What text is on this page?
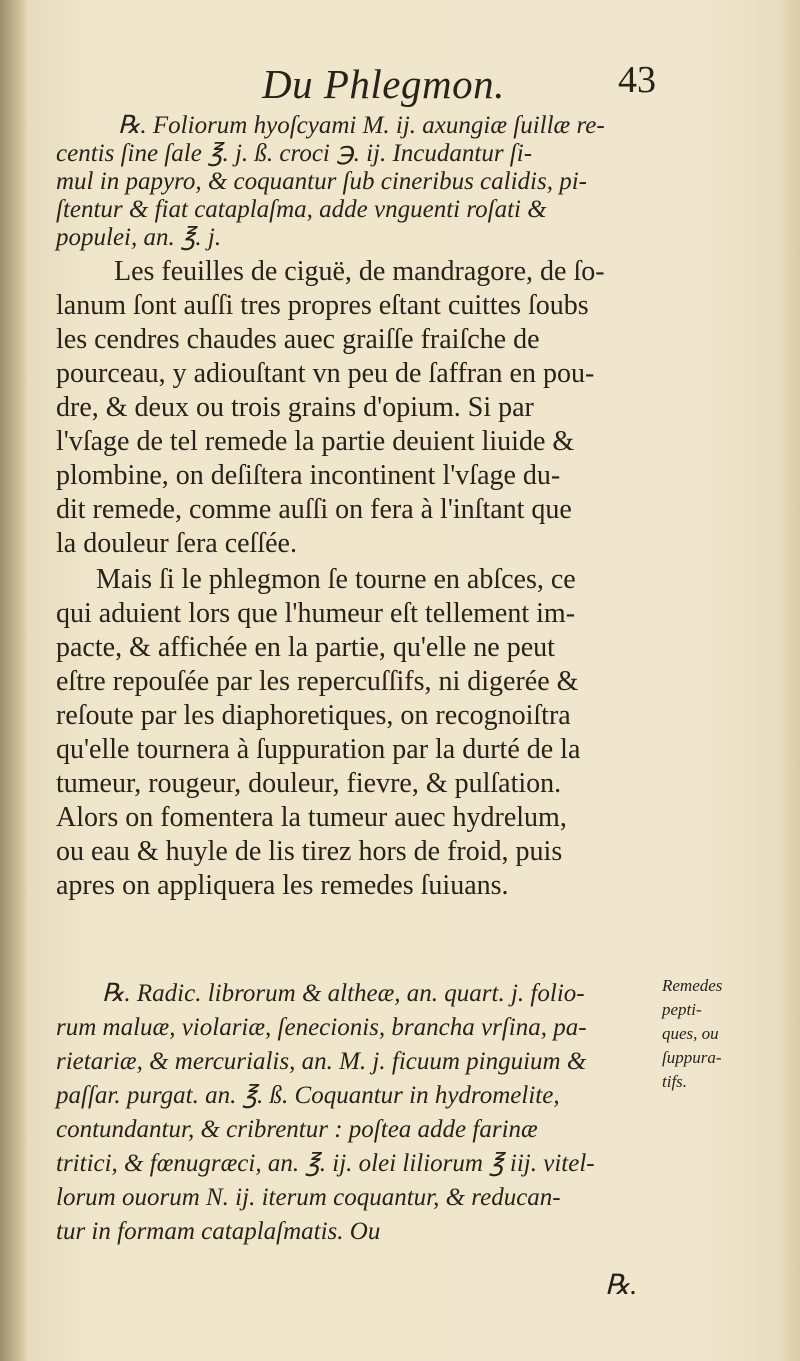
Du Phlegmon.	43
℞. Foliorum hyoſcyami M. ij. axungiæ ſuillæ re-
centis ſine ſale ℥. j. ß. croci ℈. ij. Incudantur ſi-
mul in papyro, & coquantur ſub cineribus calidis, pi-
ſtentur & fiat cataplaſma, adde vnguenti roſati &
populei, an. ℥. j.
Les feuilles de ciguë, de mandragore, de ſo-
lanum ſont auſſi tres propres eſtant cuittes ſoubs
les cendres chaudes auec graiſſe fraiſche de
pourceau, y adiouſtant vn peu de ſaffran en pou-
dre, & deux ou trois grains d'opium. Si par
l'vſage de tel remede la partie deuient liuide &
plombine, on deſiſtera incontinent l'vſage du-
dit remede, comme auſſi on fera à l'inſtant que
la douleur ſera ceſſée.
Mais ſi le phlegmon ſe tourne en abſces, ce
qui aduient lors que l'humeur eſt tellement im-
pacte, & affichée en la partie, qu'elle ne peut
eſtre repouſée par les repercuſſifs, ni digerée &
reſoute par les diaphoretiques, on recognoiſtra
qu'elle tournera à ſuppuration par la durté de la
tumeur, rougeur, douleur, fievre, & pulſation.
Alors on fomentera la tumeur auec hydrelum,
ou eau & huyle de lis tirez hors de froid, puis
apres on appliquera les remedes ſuiuans.
℞. Radic. librorum & altheæ, an. quart. j. folio-
rum maluæ, violariæ, ſenecionis, brancha vrſina, pa-
rietariæ, & mercurialis, an. M. j. ficuum pinguium &
paſſar. purgat. an. ℥. ß. Coquantur in hydromelite,
contundantur, & cribrentur : poſtea adde farinæ
tritici, & fœnugræci, an. ℥. ij. olei liliorum ℥ iij. vitel-
lorum ouorum N. ij. iterum coquantur, & reducan-
tur in formam cataplaſmatis. Ou
Remedes
pepti-
ques, ou
ſuppura-
tifs.
℞.
